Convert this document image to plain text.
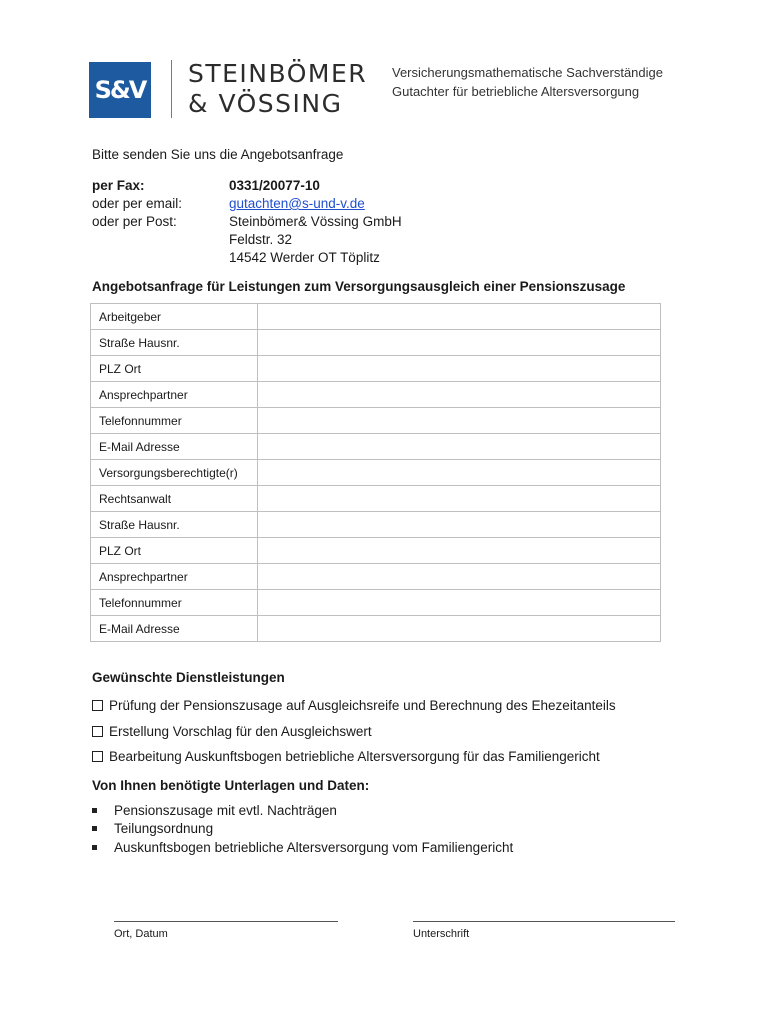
S&V
STEINBÖMER
& VÖSSING
Versicherungsmathematische Sachverständige
Gutachter für betriebliche Altersversorgung
Bitte senden Sie uns die Angebotsanfrage
per Fax:	0331/20077-10
oder per email:	gutachten@s-und-v.de
oder per Post:	Steinbömer& Vössing GmbH
Feldstr. 32
14542 Werder OT Töplitz
Angebotsanfrage für Leistungen zum Versorgungsausgleich einer Pensionszusage
Arbeitgeber	
Straße Hausnr.	
PLZ Ort	
Ansprechpartner	
Telefonnummer	
E-Mail Adresse	
Versorgungsberechtigte(r)	
Rechtsanwalt	
Straße Hausnr.	
PLZ Ort	
Ansprechpartner	
Telefonnummer	
E-Mail Adresse	
Gewünschte Dienstleistungen
Prüfung der Pensionszusage auf Ausgleichsreife und Berechnung des Ehezeitanteils
Erstellung Vorschlag für den Ausgleichswert
Bearbeitung Auskunftsbogen betriebliche Altersversorgung für das Familiengericht
Von Ihnen benötigte Unterlagen und Daten:
Pensionszusage mit evtl. Nachträgen
Teilungsordnung
Auskunftsbogen betriebliche Altersversorgung vom Familiengericht
Ort, Datum	Unterschrift
